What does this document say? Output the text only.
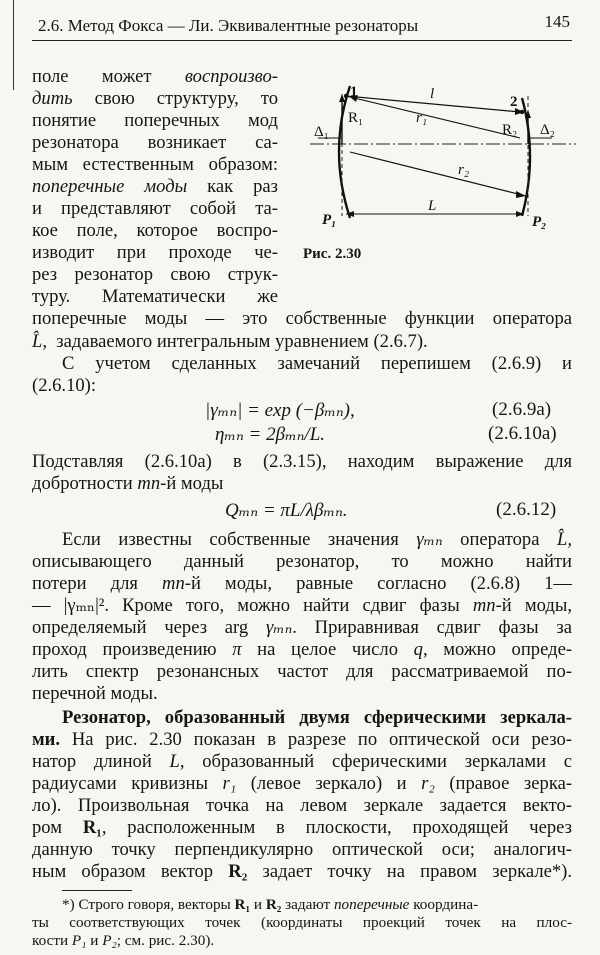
2.6. Метод Фокса — Ли. Эквивалентные резонаторы	145
поле может воспроизво-
дить свою структуру, то
понятие поперечных мод
резонатора возникает са-
мым естественным образом:
поперечные моды как раз
и представляют собой та-
кое поле, которое воспро-
изводит при проходе че-
рез резонатор свою струк-
туру. Математически же
1
2
l
R₁
R₂
r₁
r₂
Δ₁	Δ₂
L
P₁	P₂
Рис. 2.30
поперечные моды — это собственные функции оператора
L̂, задаваемого интегральным уравнением (2.6.7).
С учетом сделанных замечаний перепишем (2.6.9) и
(2.6.10):
|γₘₙ| = exp (−βₘₙ),	(2.6.9a)
ηₘₙ = 2βₘₙ/L.	(2.6.10a)
Подставляя (2.6.10a) в (2.3.15), находим выражение для
добротности mn-й моды
Qₘₙ = πL/λβₘₙ.	(2.6.12)
Если известны собственные значения γₘₙ оператора L̂,
описывающего данный резонатор, то можно найти
потери для mn-й моды, равные согласно (2.6.8) 1—
— |γₘₙ|². Кроме того, можно найти сдвиг фазы mn-й моды,
определяемый через arg γₘₙ. Приравнивая сдвиг фазы за
проход произведению π на целое число q, можно опреде-
лить спектр резонансных частот для рассматриваемой по-
перечной моды.
Резонатор, образованный двумя сферическими зеркала-
ми. На рис. 2.30 показан в разрезе по оптической оси резо-
натор длиной L, образованный сферическими зеркалами с
радиусами кривизны r₁ (левое зеркало) и r₂ (правое зерка-
ло). Произвольная точка на левом зеркале задается векто-
ром R₁, расположенным в плоскости, проходящей через
данную точку перпендикулярно оптической оси; аналогич-
*) Строго говоря, векторы R₁ и R₂ задают поперечные координа-
ты соответствующих точек (координаты проекций точек на плос-
кости P₁ и P₂; см. рис. 2.30).
ным образом вектор R₂ задает точку на правом зеркале*).
